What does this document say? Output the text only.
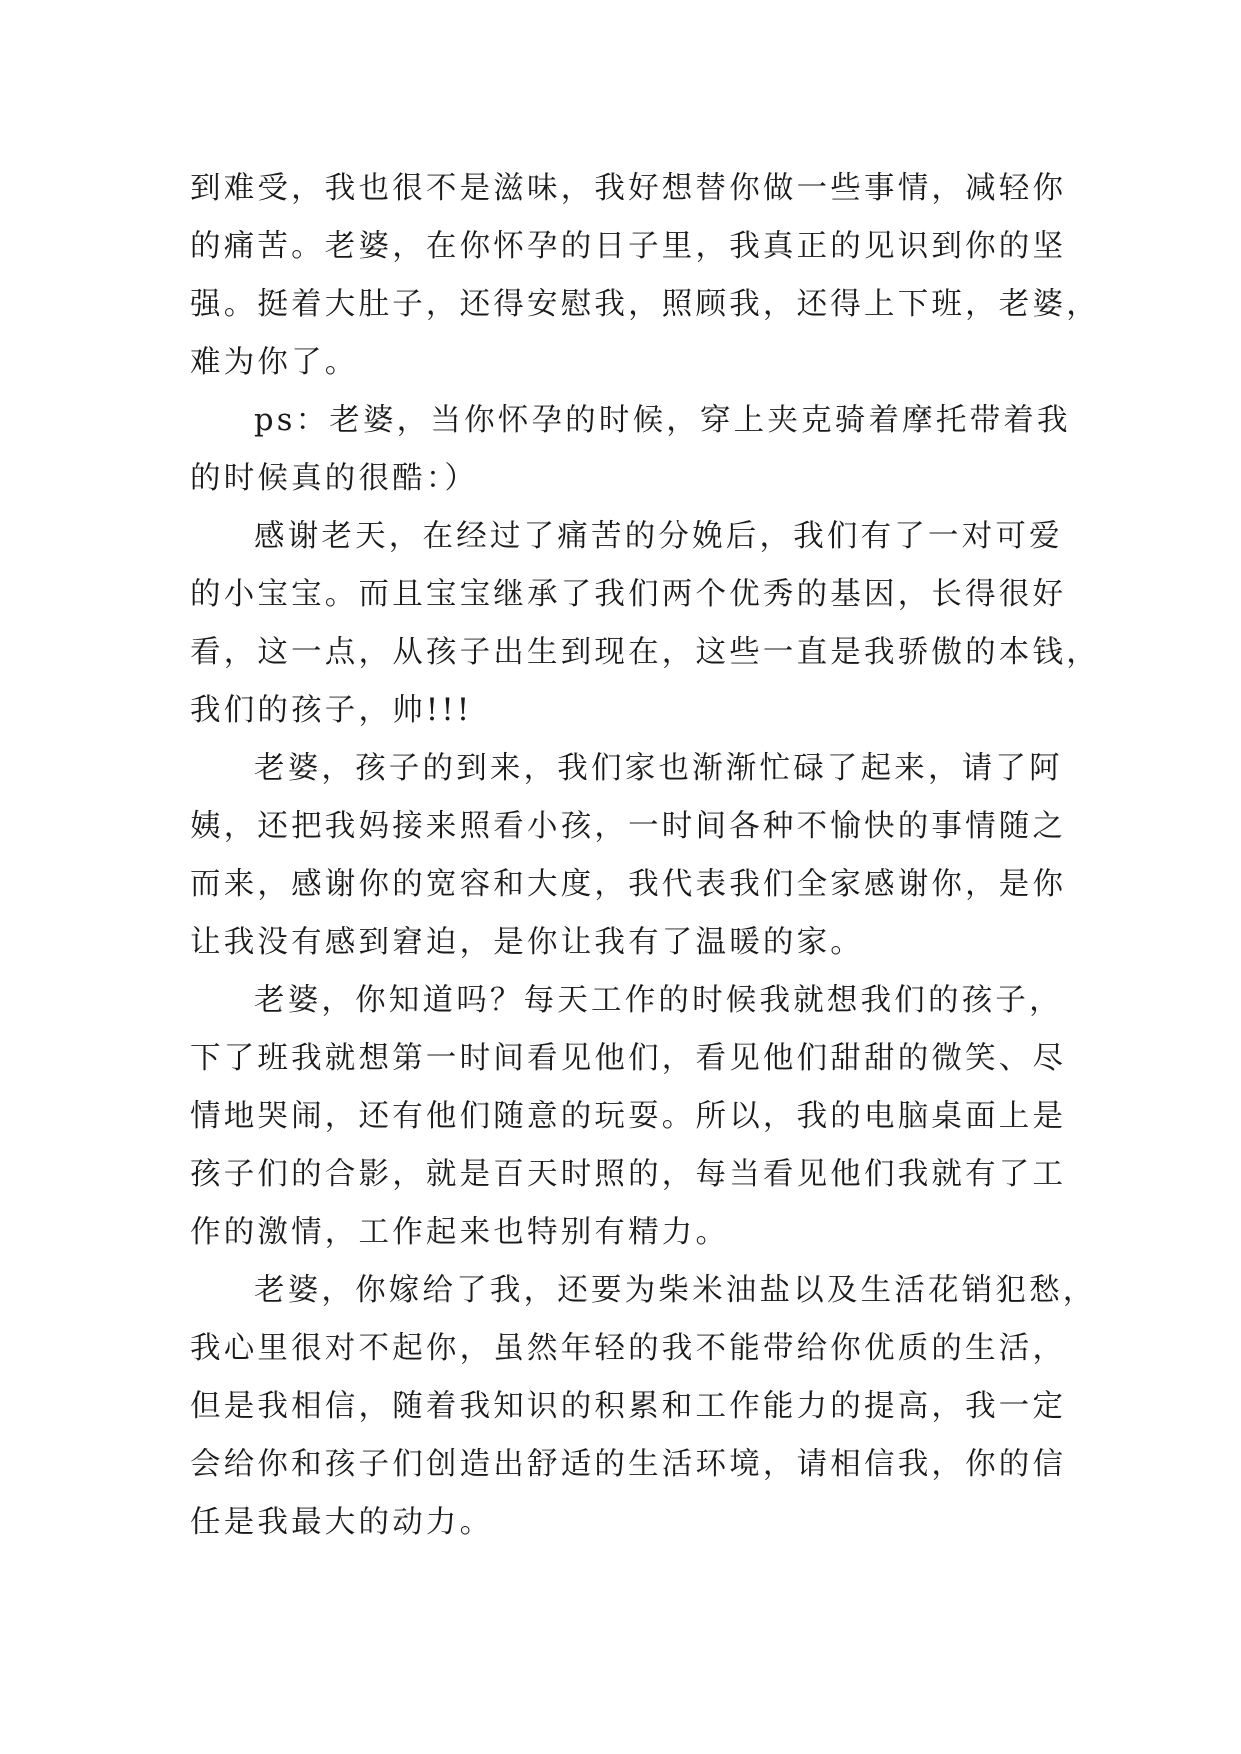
到难受，我也很不是滋味，我好想替你做一些事情，减轻你
的痛苦。老婆，在你怀孕的日子里，我真正的见识到你的坚
强。挺着大肚子，还得安慰我，照顾我，还得上下班，老婆，
难为你了。
ps：老婆，当你怀孕的时候，穿上夹克骑着摩托带着我
的时候真的很酷：）
感谢老天，在经过了痛苦的分娩后，我们有了一对可爱
的小宝宝。而且宝宝继承了我们两个优秀的基因，长得很好
看，这一点，从孩子出生到现在，这些一直是我骄傲的本钱，
我们的孩子，帅!!!
老婆，孩子的到来，我们家也渐渐忙碌了起来，请了阿
姨，还把我妈接来照看小孩，一时间各种不愉快的事情随之
而来，感谢你的宽容和大度，我代表我们全家感谢你，是你
让我没有感到窘迫，是你让我有了温暖的家。
老婆，你知道吗？每天工作的时候我就想我们的孩子，
下了班我就想第一时间看见他们，看见他们甜甜的微笑、尽
情地哭闹，还有他们随意的玩耍。所以，我的电脑桌面上是
孩子们的合影，就是百天时照的，每当看见他们我就有了工
作的激情，工作起来也特别有精力。
老婆，你嫁给了我，还要为柴米油盐以及生活花销犯愁，
我心里很对不起你，虽然年轻的我不能带给你优质的生活，
但是我相信，随着我知识的积累和工作能力的提高，我一定
会给你和孩子们创造出舒适的生活环境，请相信我，你的信
任是我最大的动力。
